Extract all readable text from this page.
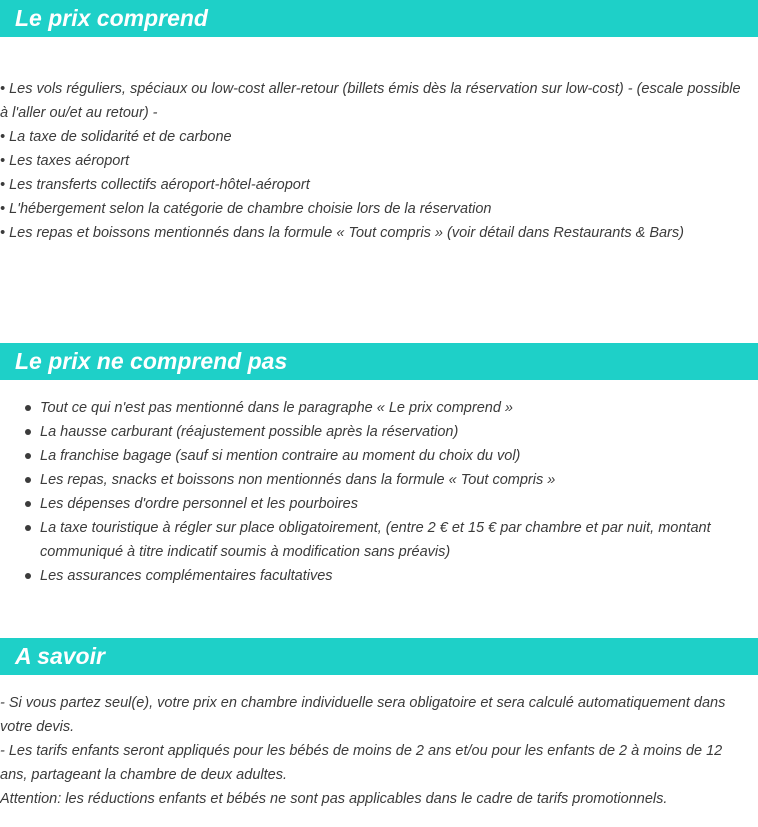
Le prix comprend
• Les vols réguliers, spéciaux ou low-cost aller-retour (billets émis dès la réservation sur low-cost) - (escale possible à l'aller ou/et au retour) -
• La taxe de solidarité et de carbone
• Les taxes aéroport
• Les transferts collectifs aéroport-hôtel-aéroport
• L'hébergement selon la catégorie de chambre choisie lors de la réservation
• Les repas et boissons mentionnés dans la formule « Tout compris » (voir détail dans Restaurants & Bars)
Le prix ne comprend pas
Tout ce qui n'est pas mentionné dans le paragraphe « Le prix comprend »
La hausse carburant (réajustement possible après la réservation)
La franchise bagage (sauf si mention contraire au moment du choix du vol)
Les repas, snacks et boissons non mentionnés dans la formule « Tout compris »
Les dépenses d'ordre personnel et les pourboires
La taxe touristique à régler sur place obligatoirement, (entre 2 € et 15 € par chambre et par nuit, montant communiqué à titre indicatif soumis à modification sans préavis)
Les assurances complémentaires facultatives
A savoir
- Si vous partez seul(e), votre prix en chambre individuelle sera obligatoire et sera calculé automatiquement dans votre devis.
- Les tarifs enfants seront appliqués pour les bébés de moins de 2 ans et/ou pour les enfants de 2 à moins de 12 ans, partageant la chambre de deux adultes.
Attention: les réductions enfants et bébés ne sont pas applicables dans le cadre de tarifs promotionnels.
